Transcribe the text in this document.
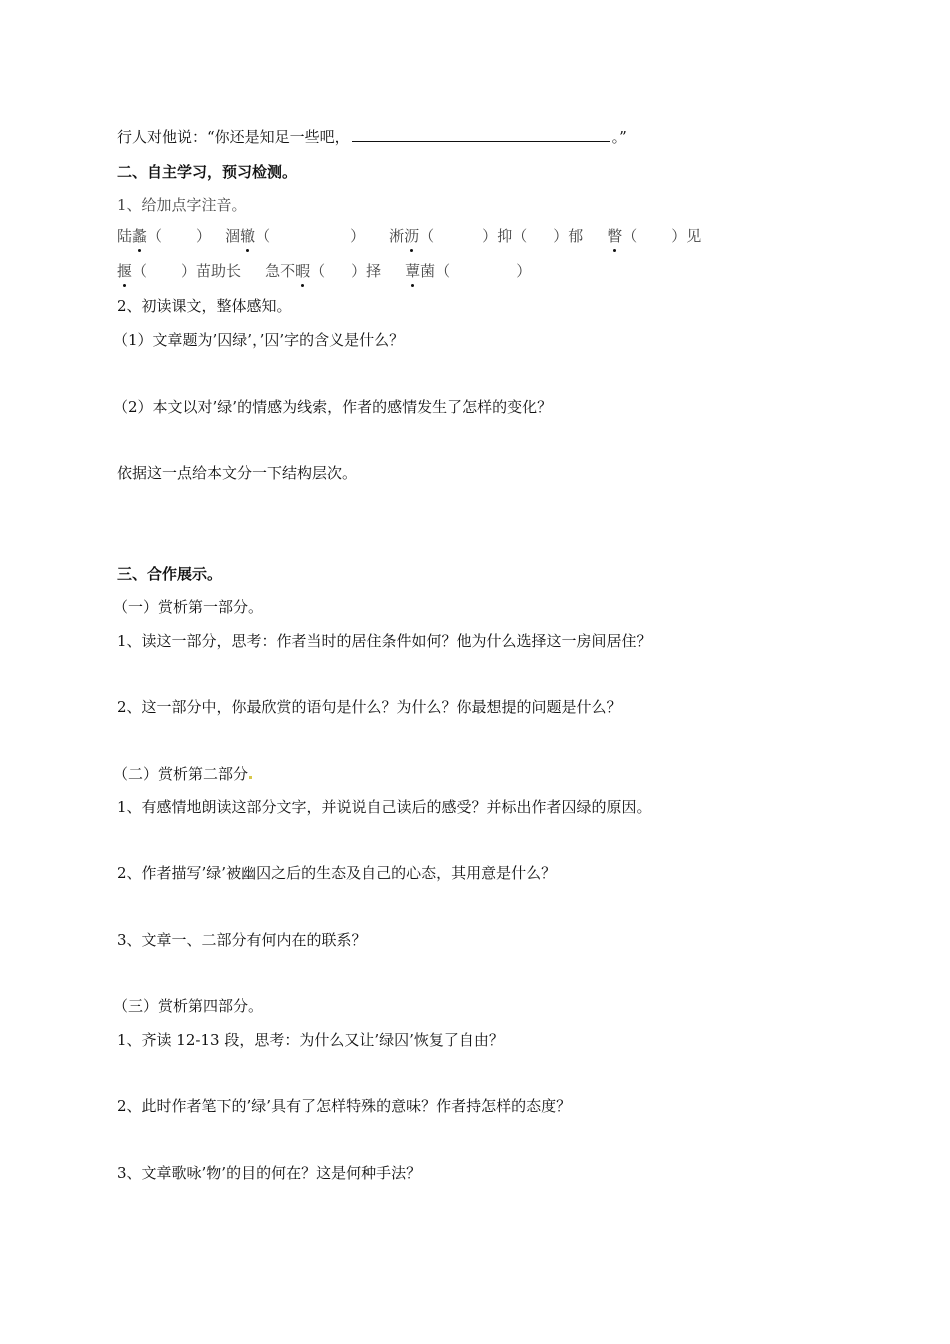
行人对他说：“你还是知足一些吧，	。”
二、自主学习，预习检测。
1、给加点字注音。
陆蠡（ ） 涸辙（	） 淅沥（	）抑（ ）郁 瞥（ ）见
揠（ ）苗助长 急不暇（ ）择 蕈菌（	）
2、初读课文，整体感知。
（1）文章题为’囚绿’，’囚’字的含义是什么？
（2）本文以对’绿’的情感为线索，作者的感情发生了怎样的变化？
依据这一点给本文分一下结构层次。
三、合作展示。
（一）赏析第一部分。
1、读这一部分，思考：作者当时的居住条件如何？他为什么选择这一房间居住？
2、这一部分中，你最欣赏的语句是什么？为什么？你最想提的问题是什么？
（二）赏析第二部分
1、有感情地朗读这部分文字，并说说自己读后的感受？并标出作者囚绿的原因。
2、作者描写’绿’被幽囚之后的生态及自己的心态，其用意是什么？
3、文章一、二部分有何内在的联系？
（三）赏析第四部分。
1、齐读 12-13 段，思考：为什么又让’绿囚’恢复了自由？
2、此时作者笔下的’绿’具有了怎样特殊的意味？作者持怎样的态度？
3、文章歌咏’物’的目的何在？这是何种手法？
